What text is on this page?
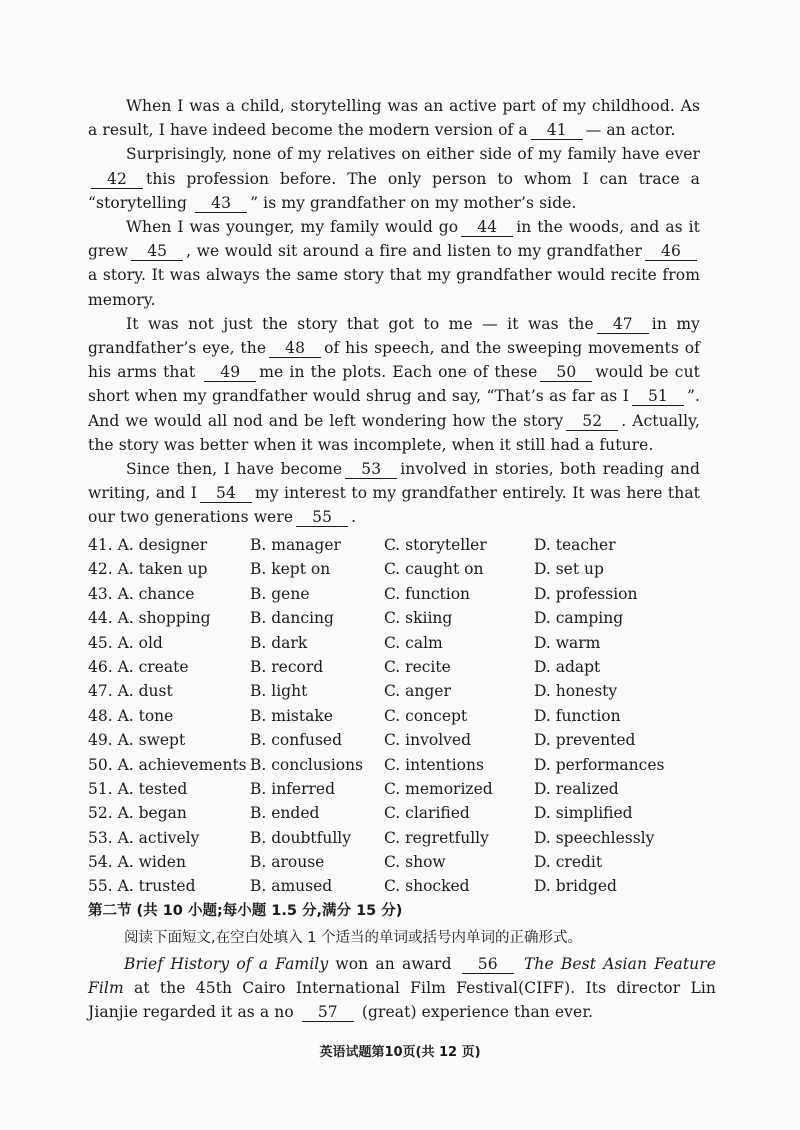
When I was a child, storytelling was an active part of my childhood. As a result, I have indeed become the modern version of a 41 — an actor.

Surprisingly, none of my relatives on either side of my family have ever 42 this profession before. The only person to whom I can trace a “storytelling 43 ” is my grandfather on my mother’s side.

When I was younger, my family would go 44 in the woods, and as it grew 45 , we would sit around a fire and listen to my grandfather 46a story. It was always the same story that my grandfather would recite from memory.

It was not just the story that got to me — it was the 47 in my grandfather’s eye, the 48 of his speech, and the sweeping movements of his arms that 49 me in the plots. Each one of these 50 would be cut short when my grandfather would shrug and say, “That’s as far as I 51 ”. And we would all nod and be left wondering how the story 52 . Actually, the story was better when it was incomplete, when it still had a future.

Since then, I have become 53 involved in stories, both reading and writing, and I 54 my interest to my grandfather entirely. It was here that our two generations were 55 .

41. A. designer	B. manager	C. storyteller	D. teacher
42. A. taken up	B. kept on	C. caught on	D. set up
43. A. chance	B. gene	C. function	D. profession
44. A. shopping	B. dancing	C. skiing	D. camping
45. A. old	B. dark	C. calm	D. warm
46. A. create	B. record	C. recite	D. adapt
47. A. dust	B. light	C. anger	D. honesty
48. A. tone	B. mistake	C. concept	D. function
49. A. swept	B. confused	C. involved	D. prevented
50. A. achievements B. conclusions C. intentions	D. performances
51. A. tested	B. inferred	C. memorized	D. realized
52. A. began	B. ended	C. clarified	D. simplified
53. A. actively	B. doubtfully C. regretfully	D. speechlessly
54. A. widen	B. arouse	C. show	D. credit
55. A. trusted	B. amused	C. shocked	D. bridged

第二节 (共 10 小题;每小题 1.5 分,满分 15 分)

阅读下面短文,在空白处填入 1 个适当的单词或括号内单词的正确形式。

Brief History of a Family won an award 56 The Best Asian Feature Film at the 45th Cairo International Film Festival(CIFF). Its director Lin Jianjie regarded it as a no 57 (great) experience than ever.

英语试题第10页(共 12 页)
